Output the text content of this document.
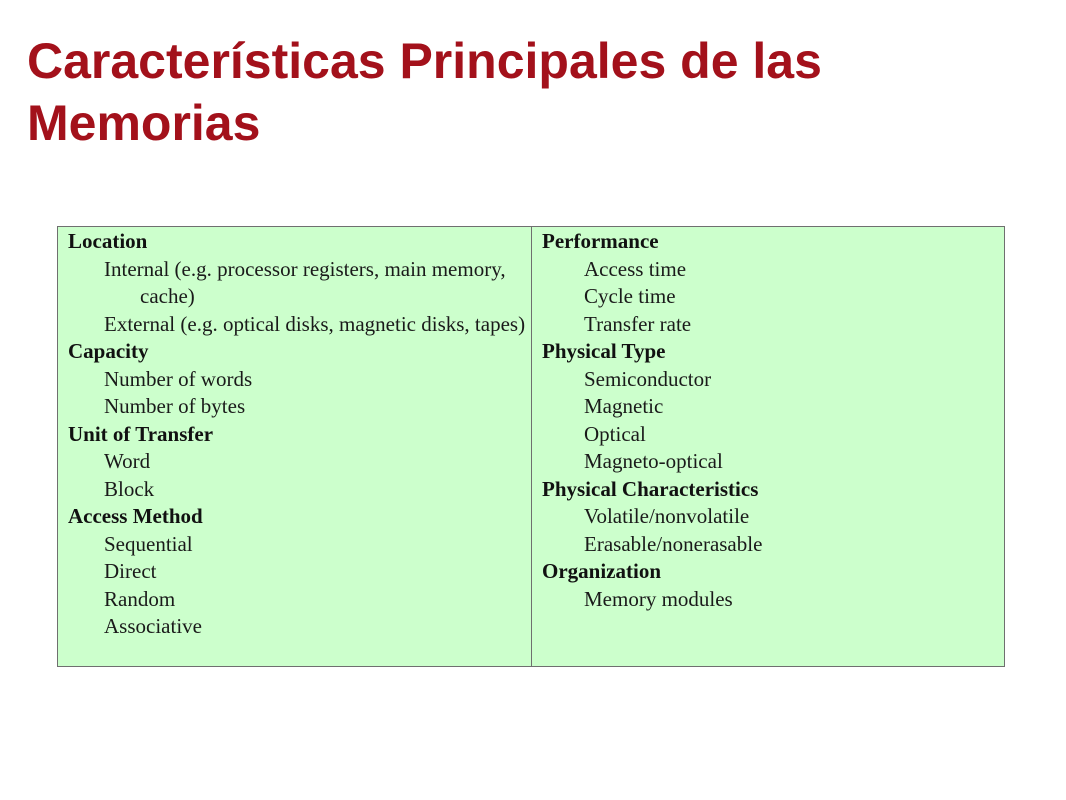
Características Principales de las Memorias
Location
Internal (e.g. processor registers, main memory, cache)
External (e.g. optical disks, magnetic disks, tapes)
Capacity
Number of words
Number of bytes
Unit of Transfer
Word
Block
Access Method
Sequential
Direct
Random
Associative
Performance
Access time
Cycle time
Transfer rate
Physical Type
Semiconductor
Magnetic
Optical
Magneto-optical
Physical Characteristics
Volatile/nonvolatile
Erasable/nonerasable
Organization
Memory modules
